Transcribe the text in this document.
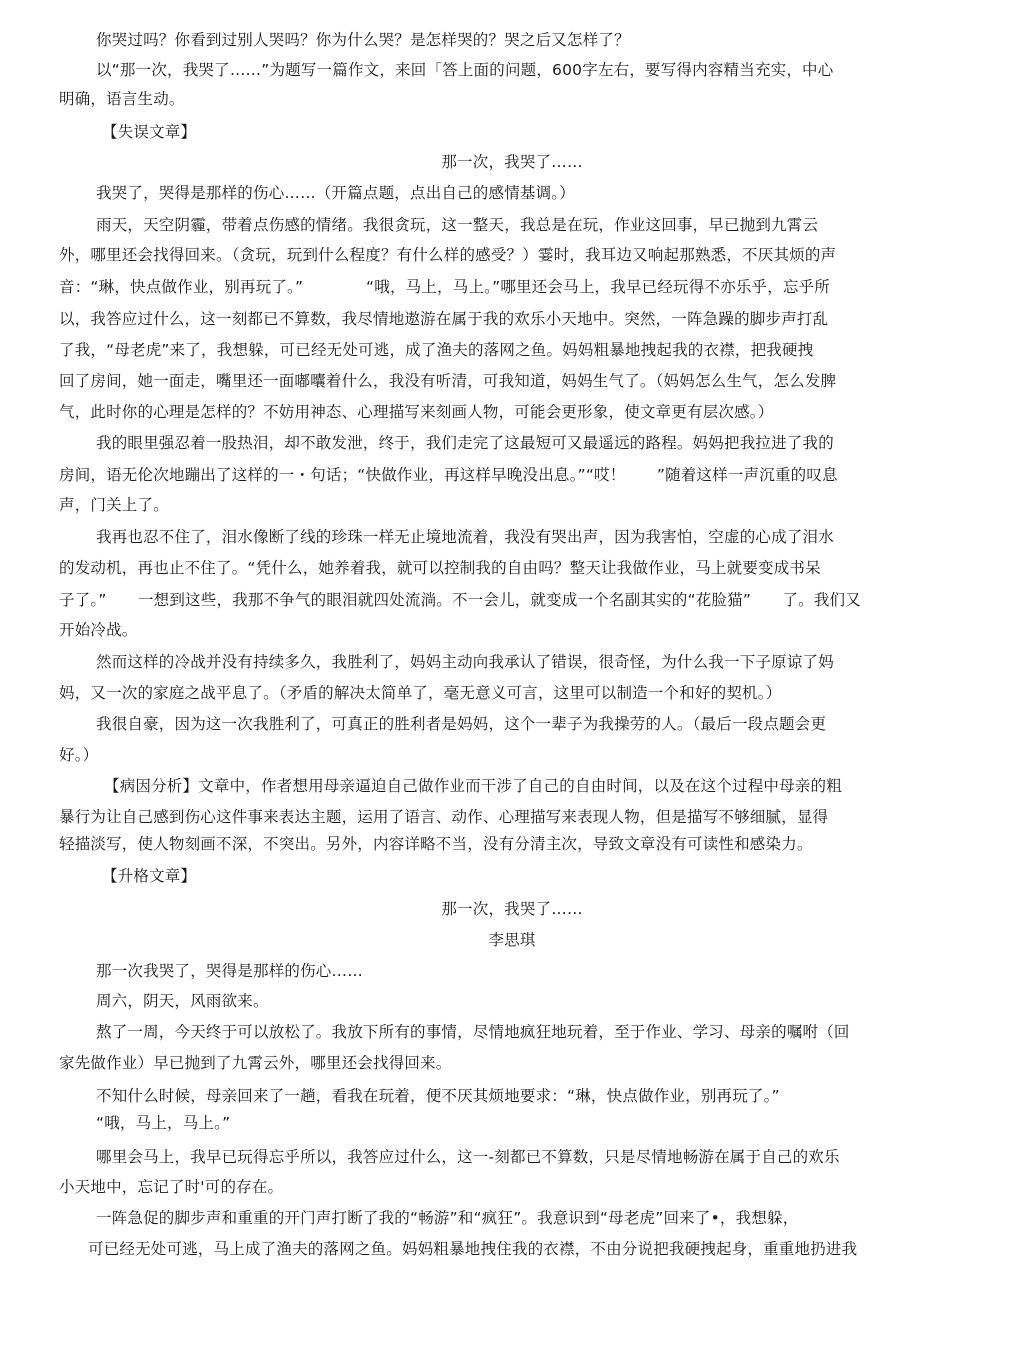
你哭过吗？你看到过别人哭吗？你为什么哭？是怎样哭的？哭之后又怎样了？
以“那一次，我哭了……”为题写一篇作文，来回「答上面的问题，600字左右，要写得内容精当充实，中心
明确，语言生动。
【失误文章】
那一次，我哭了……
我哭了，哭得是那样的伤心……（开篇点题，点出自己的感情基调。）
雨天，天空阴霾，带着点伤感的情绪。我很贪玩，这一整天，我总是在玩，作业这回事，早已抛到九霄云
外，哪里还会找得回来。（贪玩，玩到什么程度？有什么样的感受？）霎时，我耳边又响起那熟悉，不厌其烦的声
音：“琳，快点做作业，别再玩了。”　　　　“哦，马上，马上。”哪里还会马上，我早已经玩得不亦乐乎，忘乎所
以，我答应过什么，这一刻都已不算数，我尽情地遨游在属于我的欢乐小天地中。突然，一阵急躁的脚步声打乱
了我，“母老虎”来了，我想躲，可已经无处可逃，成了渔夫的落网之鱼。妈妈粗暴地拽起我的衣襟，把我硬拽
回了房间，她一面走，嘴里还一面嘟囔着什么，我没有听清，可我知道，妈妈生气了。（妈妈怎么生气，怎么发脾
气，此时你的心理是怎样的？不妨用神态、心理描写来刻画人物，可能会更形象，使文章更有层次感。）
我的眼里强忍着一股热泪，却不敢发泄，终于，我们走完了这最短可又最遥远的路程。妈妈把我拉进了我的
房间，语无伦次地蹦出了这样的一・句话；“快做作业，再这样早晚没出息。”“哎！　　”随着这样一声沉重的叹息
声，门关上了。
我再也忍不住了，泪水像断了线的珍珠一样无止境地流着，我没有哭出声，因为我害怕，空虚的心成了泪水
的发动机，再也止不住了。“凭什么，她养着我，就可以控制我的自由吗？整天让我做作业，马上就要变成书呆
子了。”　　一想到这些，我那不争气的眼泪就四处流淌。不一会儿，就变成一个名副其实的“花脸猫”　　了。我们又
开始冷战。
然而这样的冷战并没有持续多久，我胜利了，妈妈主动向我承认了错误，很奇怪，为什么我一下子原谅了妈
妈，又一次的家庭之战平息了。（矛盾的解决太简单了，毫无意义可言，这里可以制造一个和好的契机。）
我很自豪，因为这一次我胜利了，可真正的胜利者是妈妈，这个一辈子为我操劳的人。（最后一段点题会更
好。）
【病因分析】文章中，作者想用母亲逼迫自己做作业而干涉了自己的自由时间，以及在这个过程中母亲的粗
暴行为让自己感到伤心这件事来表达主题，运用了语言、动作、心理描写来表现人物，但是描写不够细腻，显得
轻描淡写，使人物刻画不深，不突出。另外，内容详略不当，没有分清主次，导致文章没有可读性和感染力。
【升格文章】
那一次，我哭了……
李思琪
那一次我哭了，哭得是那样的伤心……
周六，阴天，风雨欲来。
熬了一周，今天终于可以放松了。我放下所有的事情，尽情地疯狂地玩着，至于作业、学习、母亲的嘱咐（回
家先做作业）早已抛到了九霄云外，哪里还会找得回来。
不知什么时候，母亲回来了一趟，看我在玩着，便不厌其烦地要求：“琳，快点做作业，别再玩了。”
“哦，马上，马上。”
哪里会马上，我早已玩得忘乎所以，我答应过什么，这一-刻都已不算数，只是尽情地畅游在属于自己的欢乐
小天地中，忘记了时'可的存在。
一阵急促的脚步声和重重的开门声打断了我的“畅游”和“疯狂”。我意识到“母老虎”回来了•，我想躲，
可已经无处可逃，马上成了渔夫的落网之鱼。妈妈粗暴地拽住我的衣襟，不由分说把我硬拽起身，重重地扔进我
